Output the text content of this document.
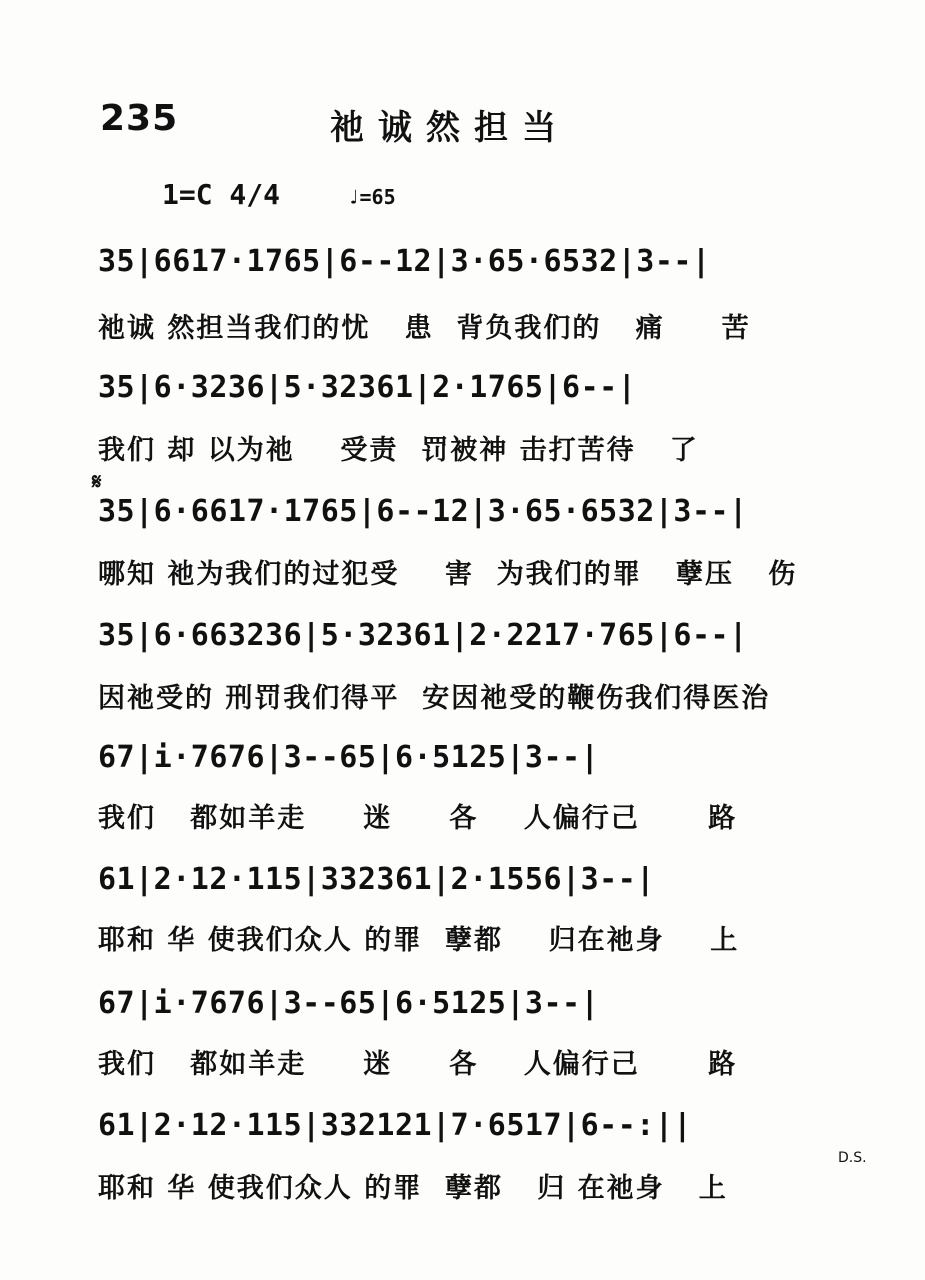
235	祂诚然担当
1=C 4/4	♩=65
𝄋
35|6617·1765|6--12|3·65·6532|3--|
祂诚 然担当我们的忧   患  背负我们的   痛     苦
35|6·3236|5·32361|2·1765|6--|
我们 却 以为祂    受责  罚被神 击打苦待   了
35|6·6617·1765|6--12|3·65·6532|3--|
哪知 祂为我们的过犯受    害  为我们的罪   孽压   伤
35|6·663236|5·32361|2·2217·765|6--|
因祂受的 刑罚我们得平  安因祂受的鞭伤我们得医治
67|i·7676|3--65|6·5125|3--|
我们   都如羊走     迷     各    人偏行己      路
61|2·12·115|332361|2·1556|3--|
耶和 华 使我们众人 的罪  孽都    归在祂身    上
67|i·7676|3--65|6·5125|3--|
我们   都如羊走     迷     各    人偏行己      路
61|2·12·115|332121|7·6517|6--:||
耶和 华 使我们众人 的罪  孽都   归 在祂身   上
D.S.
